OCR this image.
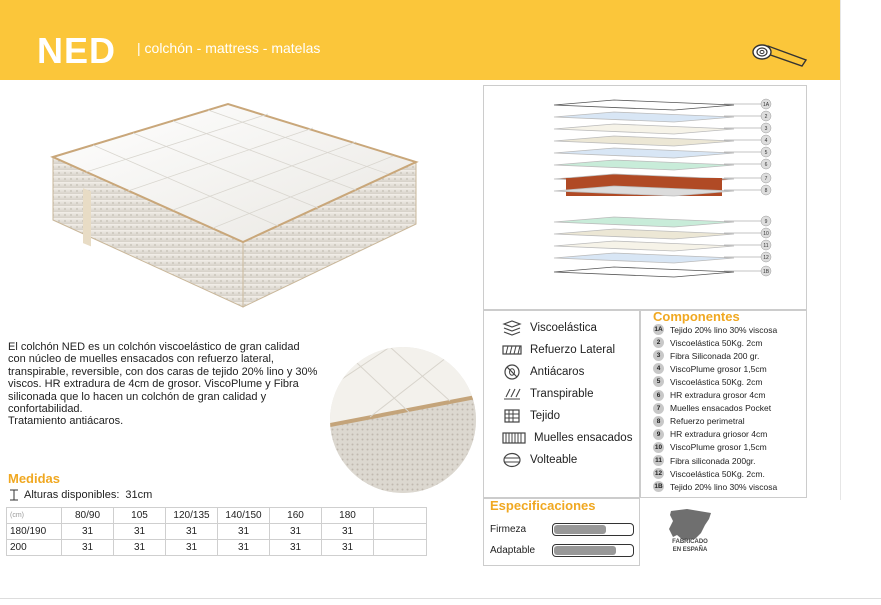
NED | colchón - mattress - matelas

El colchón NED es un colchón viscoelástico de gran calidad con núcleo de muelles ensacados con refuerzo lateral, transpirable, reversible, con dos caras de tejido 20% lino y 30% viscos. HR extradura de 4cm de grosor. ViscoPlume y Fibra siliconada que lo hacen un colchón de gran calidad y confortabilidad.

Tratamiento antiácaros.

Medidas
Alturas disponibles: 31cm
(cm)	80/90	105	120/135	140/150	160	180	
180/190	31	31	31	31	31	31	
200	31	31	31	31	31	31	
1A
2
3
4
5
6
7
8
9
10
11
12
1B
Viscoelástica
Refuerzo Lateral
Antiácaros
Transpirable
Tejido
Muelles ensacados
Volteable
Componentes
1A Tejido 20% lino 30% viscosa
2	Viscoelástica 50Kg. 2cm
3	Fibra Siliconada 200 gr.
4	ViscoPlume grosor 1,5cm
5	Viscoelástica 50Kg. 2cm
6	HR extradura grosor 4cm
7	Muelles ensacados Pocket
8	Refuerzo perimetral
9	HR extradura griosor 4cm
10 ViscoPlume grosor 1,5cm
11 Fibra siliconada 200gr.
12 Viscoelástica 50Kg. 2cm.
1B Tejido 20% lino 30% viscosa
Especificaciones
Firmeza
Adaptable
FABRICADO
EN ESPAÑA
